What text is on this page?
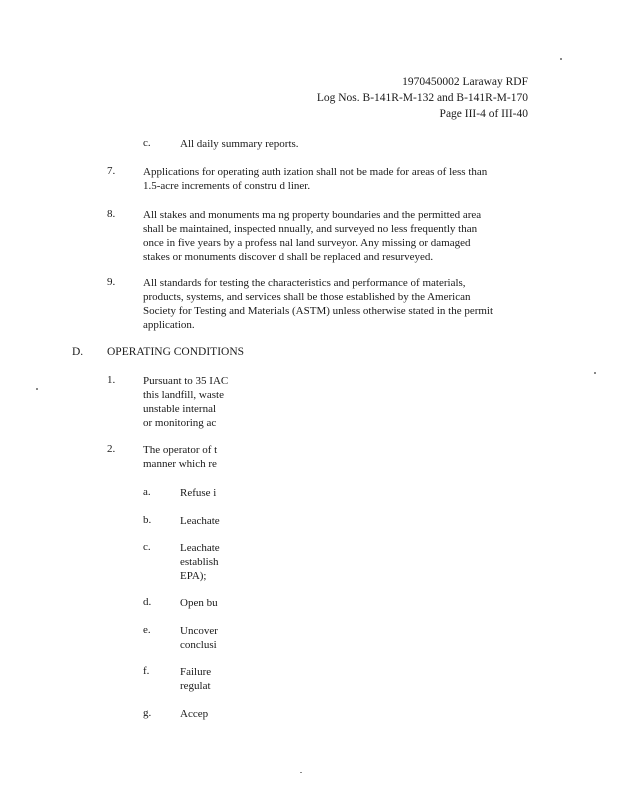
1970450002 Laraway RDF
Log Nos. B-141R-M-132 and B-141R-M-170
Page III-4 of III-40
c.	All daily summary reports.
7.	Applications for operating auth ization shall not be made for areas of less than
1.5-acre increments of constru d liner.
8.	All stakes and monuments ma ng property boundaries and the permitted area
shall be maintained, inspected nnually, and surveyed no less frequently than
once in five years by a profess nal land surveyor. Any missing or damaged
stakes or monuments discover d shall be replaced and resurveyed.
9.	All standards for testing the characteristics and performance of materials,
products, systems, and services shall be those established by the American
Society for Testing and Materials (ASTM) unless otherwise stated in the permit
application.
D. OPERATING CONDITIONS
1.	Pursuant to 35 IAC
this landfill, waste
unstable internal
or monitoring ac
2.	The operator of t
manner which re
a.	Refuse i
b.	Leachate
c.	Leachate
establish
EPA);
d.	Open bu
e.	Uncover
conclusi
f.	Failure
regulat
g.	Accep
